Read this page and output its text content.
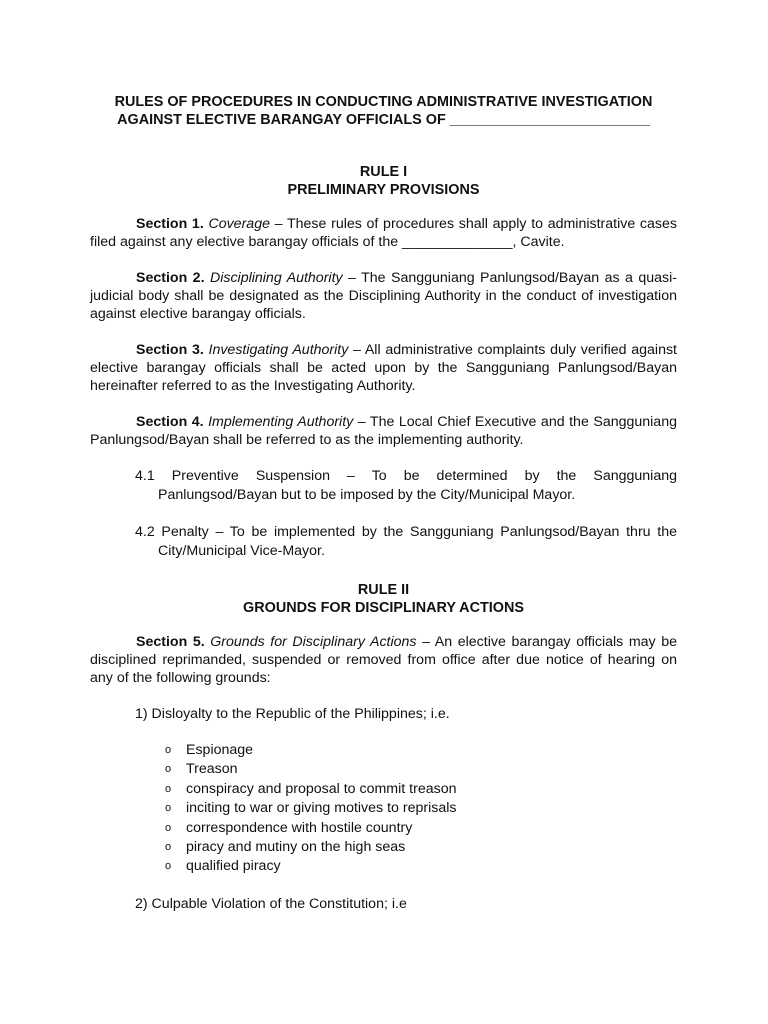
RULES OF PROCEDURES IN CONDUCTING ADMINISTRATIVE INVESTIGATION

AGAINST ELECTIVE BARANGAY OFFICIALS OF _________________________

RULE I

PRELIMINARY PROVISIONS

Section 1. Coverage – These rules of procedures shall apply to administrative cases filed against any elective barangay officials of the ______________, Cavite.

Section 2. Disciplining Authority – The Sangguniang Panlungsod/Bayan as a quasi-judicial body shall be designated as the Disciplining Authority in the conduct of investigation against elective barangay officials.

Section 3. Investigating Authority – All administrative complaints duly verified against elective barangay officials shall be acted upon by the Sangguniang Panlungsod/Bayan hereinafter referred to as the Investigating Authority.

Section 4. Implementing Authority – The Local Chief Executive and the Sangguniang Panlungsod/Bayan shall be referred to as the implementing authority.

4.1 Preventive Suspension – To be determined by the Sangguniang Panlungsod/Bayan but to be imposed by the City/Municipal Mayor.

4.2 Penalty – To be implemented by the Sangguniang Panlungsod/Bayan thru the City/Municipal Vice-Mayor.

RULE II

GROUNDS FOR DISCIPLINARY ACTIONS

Section 5. Grounds for Disciplinary Actions – An elective barangay officials may be disciplined reprimanded, suspended or removed from office after due notice of hearing on any of the following grounds:

1) Disloyalty to the Republic of the Philippines; i.e.

o Espionage
o Treason
o conspiracy and proposal to commit treason
o inciting to war or giving motives to reprisals
o correspondence with hostile country
o piracy and mutiny on the high seas
o qualified piracy

2) Culpable Violation of the Constitution; i.e
